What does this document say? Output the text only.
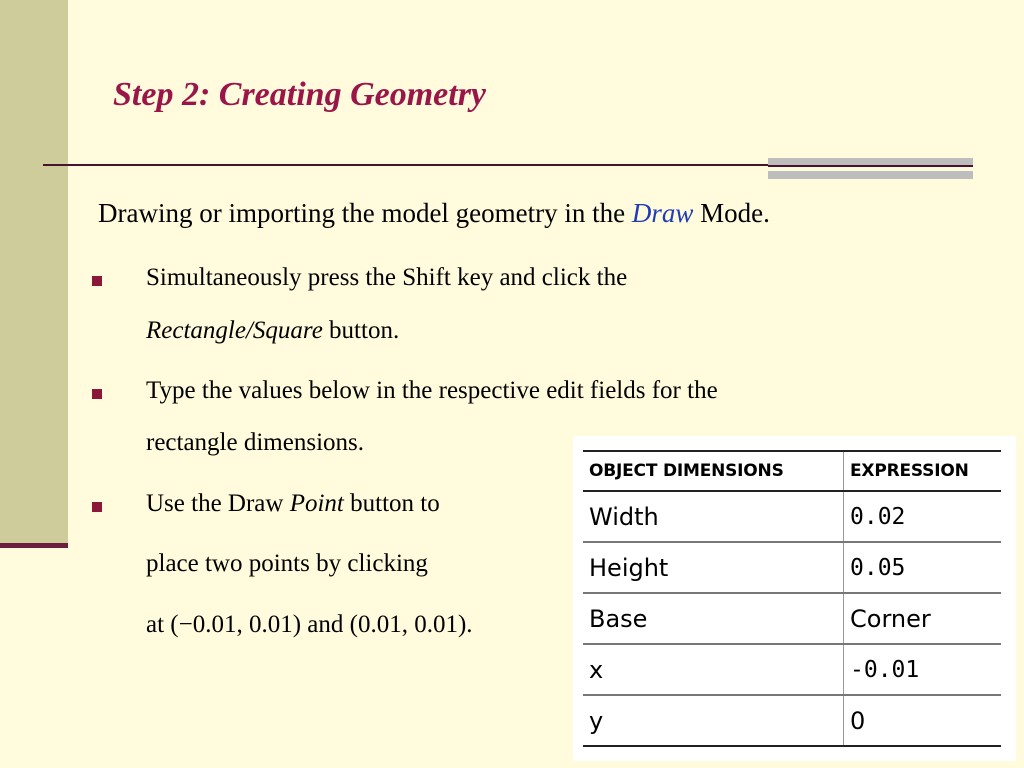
Step 2: Creating Geometry
Drawing or importing the model geometry in the Draw Mode.
Simultaneously press the Shift key and click the
Rectangle/Square button.
Type the values below in the respective edit fields for the
rectangle dimensions.
Use the Draw Point button to
place two points by clicking
at (−0.01, 0.01) and (0.01, 0.01).
OBJECT DIMENSIONS	EXPRESSION
Width	0.02
Height	0.05
Base	Corner
x	-0.01
y	0
